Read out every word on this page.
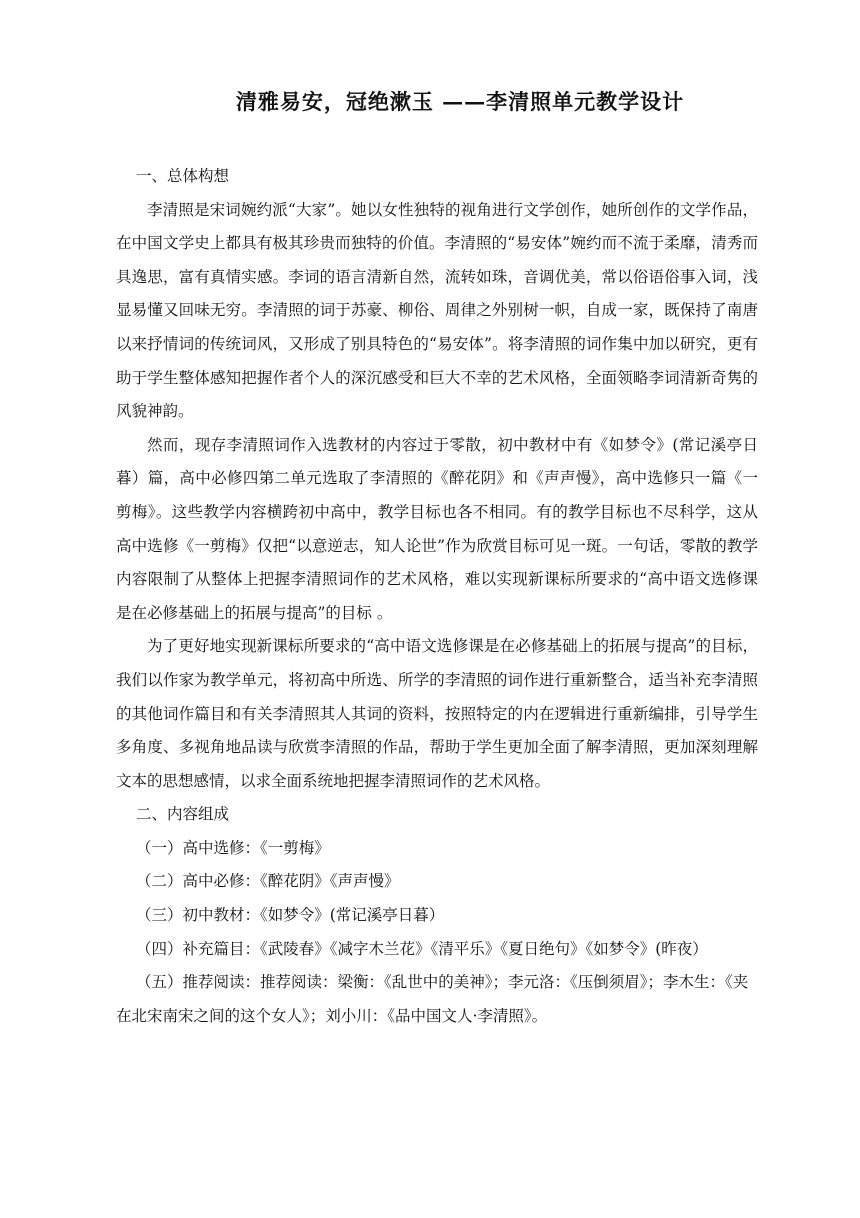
清雅易安，冠绝漱玉 ——李清照单元教学设计

一、总体构想

李清照是宋词婉约派“大家”。她以女性独特的视角进行文学创作，她所创作的文学作品，在中国文学史上都具有极其珍贵而独特的价值。李清照的“易安体”婉约而不流于柔靡，清秀而具逸思，富有真情实感。李词的语言清新自然，流转如珠，音调优美，常以俗语俗事入词，浅显易懂又回味无穷。李清照的词于苏豪、柳俗、周律之外别树一帜，自成一家，既保持了南唐以来抒情词的传统词风，又形成了别具特色的“易安体”。将李清照的词作集中加以研究，更有助于学生整体感知把握作者个人的深沉感受和巨大不幸的艺术风格，全面领略李词清新奇隽的风貌神韵。

然而，现存李清照词作入选教材的内容过于零散，初中教材中有《如梦令》(常记溪亭日暮）篇，高中必修四第二单元选取了李清照的《醉花阴》和《声声慢》，高中选修只一篇《一剪梅》。这些教学内容横跨初中高中，教学目标也各不相同。有的教学目标也不尽科学，这从高中选修《一剪梅》仅把“以意逆志，知人论世”作为欣赏目标可见一斑。一句话，零散的教学内容限制了从整体上把握李清照词作的艺术风格，难以实现新课标所要求的“高中语文选修课是在必修基础上的拓展与提高”的目标 。

为了更好地实现新课标所要求的“高中语文选修课是在必修基础上的拓展与提高”的目标，我们以作家为教学单元，将初高中所选、所学的李清照的词作进行重新整合，适当补充李清照的其他词作篇目和有关李清照其人其词的资料，按照特定的内在逻辑进行重新编排，引导学生多角度、多视角地品读与欣赏李清照的作品，帮助于学生更加全面了解李清照，更加深刻理解文本的思想感情，以求全面系统地把握李清照词作的艺术风格。

二、内容组成

（一）高中选修：《一剪梅》

（二）高中必修：《醉花阴》《声声慢》

（三）初中教材：《如梦令》(常记溪亭日暮）

（四）补充篇目：《武陵春》《减字木兰花》《清平乐》《夏日绝句》《如梦令》(昨夜）

（五）推荐阅读：推荐阅读：梁衡：《乱世中的美神》；李元洛：《压倒须眉》；李木生：《夹在北宋南宋之间的这个女人》；刘小川：《品中国文人·李清照》。
